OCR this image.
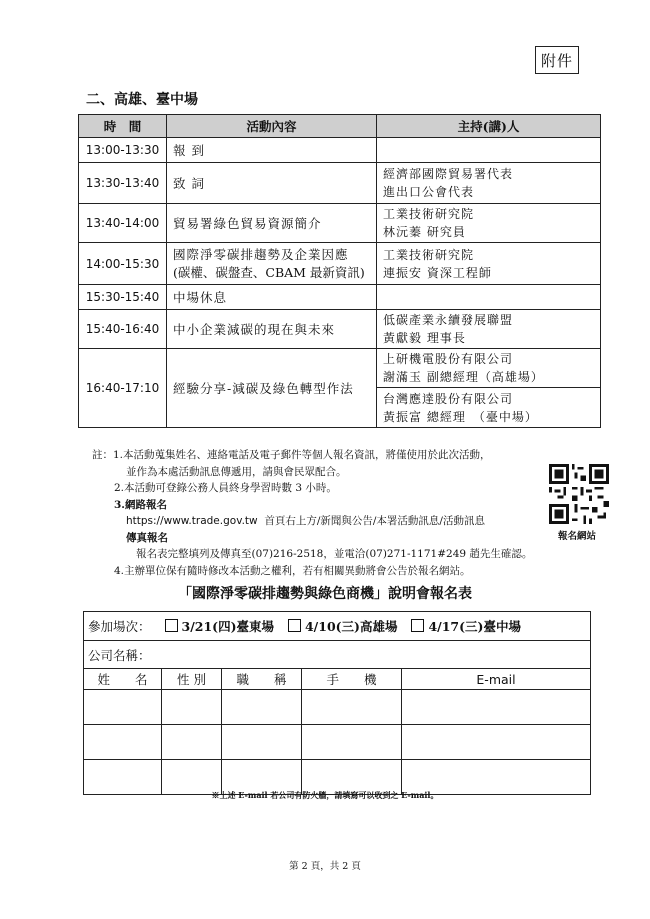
附件
二、高雄、臺中場
時　間	活動內容	主持(講)人
13:00-13:30	報 到	
13:30-13:40	致 詞	經濟部國際貿易署代表
進出口公會代表

13:40-14:00	貿易署綠色貿易資源簡介	工業技術研究院
林沅蓁 研究員

14:00-15:30	國際淨零碳排趨勢及企業因應
(碳權、碳盤查、CBAM 最新資訊)	工業技術研究院
連振安 資深工程師

15:30-15:40	中場休息	
15:40-16:40	中小企業減碳的現在與未來	低碳產業永續發展聯盟
黃獻毅 理事長

16:40-17:10	經驗分享-減碳及綠色轉型作法	上研機電股份有限公司
謝滿玉 副總經理（高雄場）

		台灣應達股份有限公司
黃振富 總經理　（臺中場）
註：1.本活動蒐集姓名、連絡電話及電子郵件等個人報名資訊，將僅使用於此次活動，
並作為本處活動訊息傳遞用，請與會民眾配合。
2.本活動可登錄公務人員終身學習時數 3 小時。
3.網路報名
https://www.trade.gov.tw 首頁右上方/新聞與公告/本署活動訊息/活動訊息
傳真報名
報名表完整填列及傳真至(07)216-2518，並電洽(07)271-1171#249 趙先生確認。
4.主辦單位保有隨時修改本活動之權利，若有相關異動將會公告於報名網站。
報名網站
「國際淨零碳排趨勢與綠色商機」說明會報名表
參加場次： 3/21(四)臺東場 4/10(三)高雄場 4/17(三)臺中場				
公司名稱：				
姓　　名	性 別	職　　稱	手　　機	E-mail

※上述 E-mail 若公司有防火牆，請填寫可以收到之 E-mail。
第 2 頁，共 2 頁
